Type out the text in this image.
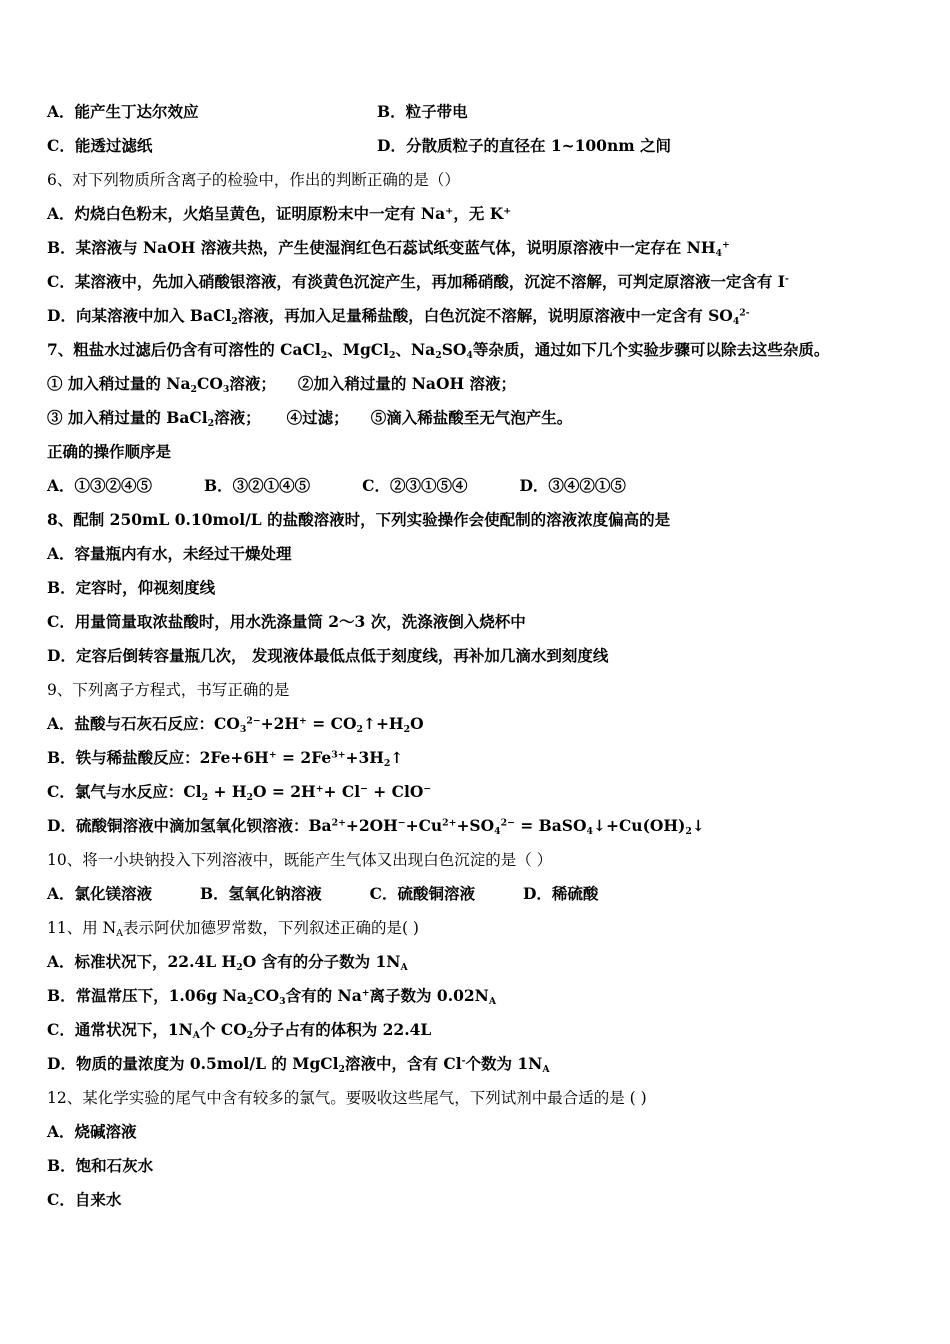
A．能产生丁达尔效应	B．粒子带电
C．能透过滤纸	D．分散质粒子的直径在 1~100nm 之间
6、对下列物质所含离子的检验中，作出的判断正确的是（）
A．灼烧白色粉末，火焰呈黄色，证明原粉末中一定有 Na⁺，无 K⁺
B．某溶液与 NaOH 溶液共热，产生使湿润红色石蕊试纸变蓝气体，说明原溶液中一定存在 $NH_4^+$
C．某溶液中，先加入硝酸银溶液，有淡黄色沉淀产生，再加稀硝酸，沉淀不溶解，可判定原溶液一定含有 I-
D．向某溶液中加入 BaCl$_2$溶液，再加入足量稀盐酸，白色沉淀不溶解，说明原溶液中一定含有 $SO_4^{2-}$
7、粗盐水过滤后仍含有可溶性的 CaCl$_2$、MgCl$_2$、$Na_2SO_4$等杂质，通过如下几个实验步骤可以除去这些杂质。
① 加入稍过量的 $Na_2CO_3$溶液； ②加入稍过量的 NaOH 溶液；
③ 加入稍过量的 BaCl$_2$溶液； ④过滤； ⑤滴入稀盐酸至无气泡产生。
正确的操作顺序是
A．①③②④⑤	B．③②①④⑤	C．②③①⑤④	D．③④②①⑤
8、配制 250mL 0.10mol/L 的盐酸溶液时，下列实验操作会使配制的溶液浓度偏高的是
A．容量瓶内有水，未经过干燥处理
B．定容时，仰视刻度线
C．用量筒量取浓盐酸时，用水洗涤量筒 2～3 次，洗涤液倒入烧杯中
D．定容后倒转容量瓶几次， 发现液体最低点低于刻度线，再补加几滴水到刻度线
9、下列离子方程式，书写正确的是
A．盐酸与石灰石反应：$CO_3^{2-}+2H^+$ = $CO_2↑+H_2O$
B．铁与稀盐酸反应：$2Fe+6H^+ = 2Fe^{3+}+3H_2↑$
C．氯气与水反应：$Cl_2 + H_2O = 2H^++ Cl^- + ClO^-$
D．硫酸铜溶液中滴加氢氧化钡溶液：$Ba^{2+}+2OH^-+Cu^{2+}+SO_4^{2-}$ = $BaSO_4↓+Cu(OH)_2↓$
10、将一小块钠投入下列溶液中，既能产生气体又出现白色沉淀的是（ ）
A．氯化镁溶液	B．氢氧化钠溶液	C．硫酸铜溶液	D．稀硫酸
11、用 $N_A$表示阿伏加德罗常数，下列叙述正确的是( )
A．标准状况下，22.4L $H_2O$ 含有的分子数为 $1N_A$
B．常温常压下，1.06g $Na_2CO_3$含有的 Na+离子数为 $0.02N_A$
C．通常状况下，$1N_A$个 $CO_2$分子占有的体积为 22.4L
D．物质的量浓度为 0.5mol/L 的 MgCl$_2$溶液中，含有 Cl-个数为 $1N_A$
12、某化学实验的尾气中含有较多的氯气。要吸收这些尾气，下列试剂中最合适的是 ( )
A．烧碱溶液
B．饱和石灰水
C．自来水
